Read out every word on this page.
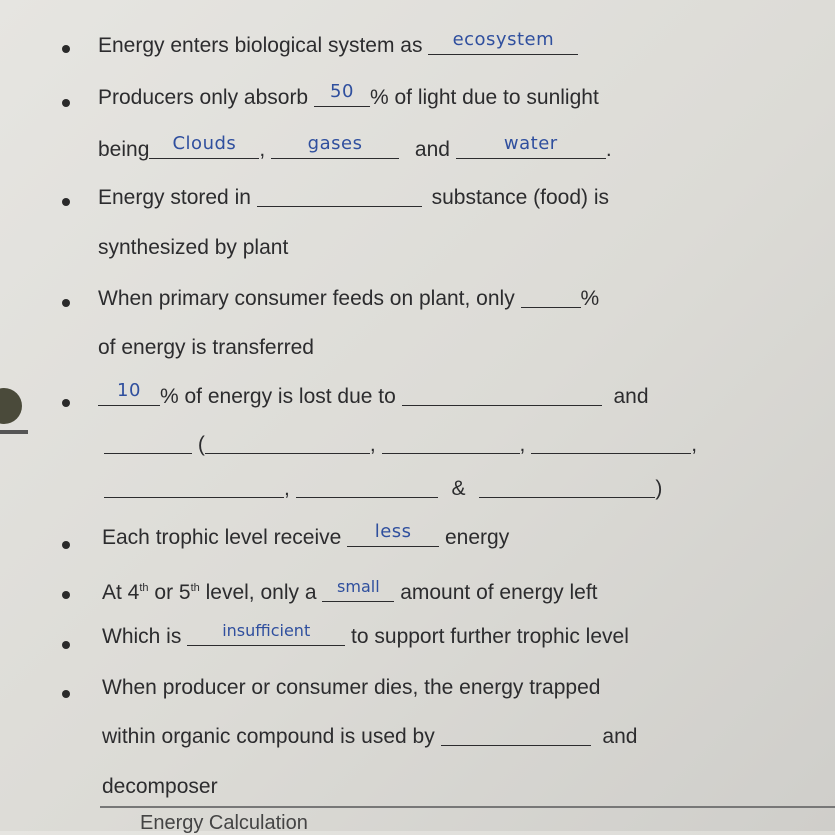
Energy enters biological system as	ecosystem
Producers only absorb	50 % of light due to sunlight
being	Clouds	,	gases	and	water	.
Energy stored in	substance (food) is
synthesized by plant
When primary consumer feeds on plant, only	%
of energy is transferred
10 % of energy is lost due to	and
(	,	,	,
,	&	)
Each trophic level receive	less	energy
At 4th or 5th level, only a	small amount of energy left
Which is	insufficient	to support further trophic level
When producer or consumer dies, the energy trapped
within organic compound is used by	and
decomposer
Energy Calculation
